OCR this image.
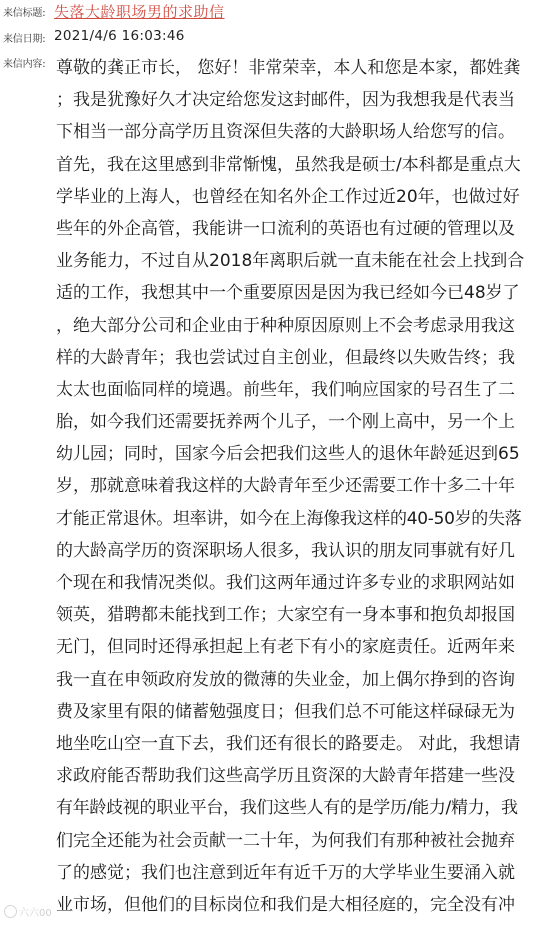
来信标题: 失落大龄职场男的求助信
来信日期: 2021/4/6 16:03:46
来信内容: 尊敬的龚正市长， 您好！非常荣幸，本人和您是本家，都姓龚
；我是犹豫好久才决定给您发这封邮件，因为我想我是代表当
下相当一部分高学历且资深但失落的大龄职场人给您写的信。
首先，我在这里感到非常惭愧，虽然我是硕士/本科都是重点大
学毕业的上海人，也曾经在知名外企工作过近20年，也做过好
些年的外企高管，我能讲一口流利的英语也有过硬的管理以及
业务能力，不过自从2018年离职后就一直未能在社会上找到合
适的工作，我想其中一个重要原因是因为我已经如今已48岁了
，绝大部分公司和企业由于种种原因原则上不会考虑录用我这
样的大龄青年；我也尝试过自主创业，但最终以失败告终；我
太太也面临同样的境遇。前些年，我们响应国家的号召生了二
胎，如今我们还需要抚养两个儿子，一个刚上高中，另一个上
幼儿园；同时，国家今后会把我们这些人的退休年龄延迟到65
岁，那就意味着我这样的大龄青年至少还需要工作十多二十年
才能正常退休。坦率讲，如今在上海像我这样的40-50岁的失落
的大龄高学历的资深职场人很多，我认识的朋友同事就有好几
个现在和我情况类似。我们这两年通过许多专业的求职网站如
领英，猎聘都未能找到工作；大家空有一身本事和抱负却报国
无门，但同时还得承担起上有老下有小的家庭责任。近两年来
我一直在申领政府发放的微薄的失业金，加上偶尔挣到的咨询
费及家里有限的储蓄勉强度日；但我们总不可能这样碌碌无为
地坐吃山空一直下去，我们还有很长的路要走。 对此，我想请
求政府能否帮助我们这些高学历且资深的大龄青年搭建一些没
有年龄歧视的职业平台，我们这些人有的是学历/能力/精力，我
们完全还能为社会贡献一二十年，为何我们有那种被社会抛弃
了的感觉；我们也注意到近年有近千万的大学毕业生要涌入就
业市场，但他们的目标岗位和我们是大相径庭的，完全没有冲
六六00
